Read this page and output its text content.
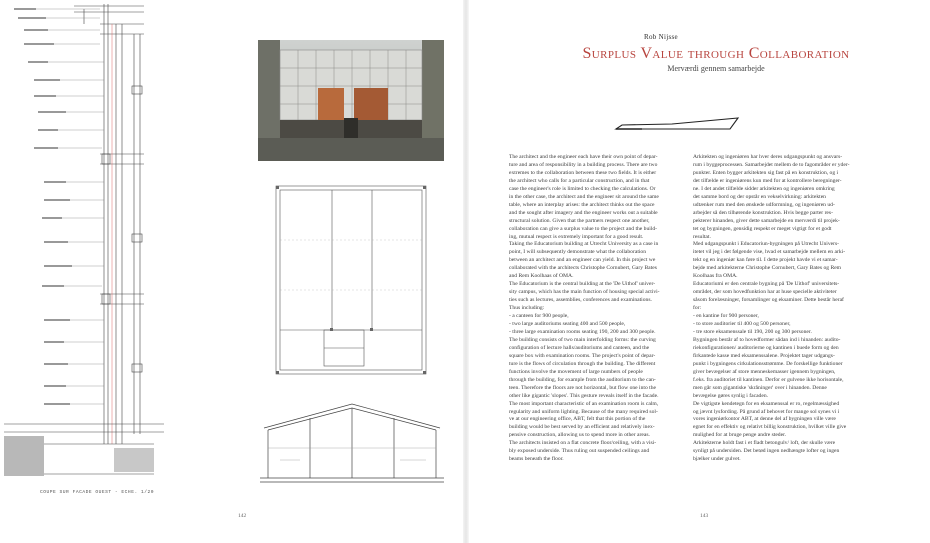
COUPE SUR FACADE OUEST - ECHE. 1/20
142
Rob Nijsse
Surplus Value through Collaboration
Merværdi gennem samarbejde

The architect and the engineer each have their own point of depar-

ture and area of responsibility in a building process. There are two

extremes to the collaboration between these two fields. It is either

the architect who calls for a particular construction, and in that

case the engineer's role is limited to checking the calculations. Or

in the other case, the architect and the engineer sit around the same

table, where an interplay arises: the architect thinks out the space

and the sought after imagery and the engineer works out a suitable

structural solution. Given that the partners respect one another,

collaboration can give a surplus value to the project and the build-

ing, mutual respect is extremely important for a good result.

Taking the Educatorium building at Utrecht University as a case in

point, I will subsequently demonstrate what the collaboration

between an architect and an engineer can yield. In this project we

collaborated with the architects Christophe Cornubert, Gary Bates

and Rem Koolhaas of OMA.

The Educatorium is the central building at the 'De Uithof' univer-

sity campus, which has the main function of housing special activi-

ties such as lectures, assemblies, conferences and examinations.

Thus including:

- a canteen for 900 people,

- two large auditoriums seating 400 and 500 people,

- three large examination rooms seating 190, 200 and 300 people.

The building consists of two main interfolding forms: the curving

configuration of lecture halls/auditoriums and canteen, and the

square box with examination rooms. The project's point of depar-

ture is the flows of circulation through the building. The different

functions involve the movement of large numbers of people

through the building, for example from the auditorium to the can-

teen. Therefore the floors are not horizontal, but flow one into the

other like gigantic 'slopes'. This gesture reveals itself in the facade.

The most important characteristic of an examination room is calm,

regularity and uniform lighting. Because of the many required sol-

ve at our engineering office, ABT, felt that this portion of the

building would be best served by an efficient and relatively inex-

pensive construction, allowing us to spend more in other areas.

The architects insisted on a flat concrete floor/ceiling, with a visi-

bly exposed underside. Thus ruling out suspended ceilings and

beams beneath the floor.

Arkitekten og ingeniøren har hver deres udgangspunkt og ansvars-

rum i byggeprocessen. Samarbejdet mellem de to fagområder er yder-

punkter. Enten bygger arkitekten sig fast på en konstruktion, og i

det tilfælde er ingeniørens kun med for at kontrollere beregninger-

ne. I det andet tilfælde sidder arkitekten og ingeniøren omkring

det samme bord og der opstår en vekselvirkning: arkitekten

udtænker rum med den ønskede udformning, og ingeniøren ud-

arbejder så den tilhørende konstruktion. Hvis begge parter res-

pekterer hinanden, giver dette samarbejde en merværdi til projek-

tet og bygningen, gensidig respekt er meget vigtigt for et godt

resultat.

Med udgangspunkt i Educatoriun-bygningen på Utrecht Univers-

itetet vil jeg i det følgende vise, hvad et samarbejde mellem en arki-

tekt og en ingeniør kan føre til. I dette projekt havde vi et samar-

bejde med arkitekterne Christophe Cornubert, Gary Bates og Rem

Koolhaas fra OMA.

Educatoriumi er den centrale bygning på 'De Uithof' universitets-

området, der som hovedfunktion har at huse specielle aktiviteter

såsom forelæsninger, forsamlinger og eksaminer. Dette består heraf

for:

- en kantine for 900 personer,

- to store auditorier til 400 og 500 personer,

- tre store eksamenssale til 190, 200 og 300 personer.

Bygningen består af to hovedformer sådan ind i hinanden: audito-

riekonfigurationen/ auditorierne og kantinen i buede form og den

firkantede kasse med eksamenssalene. Projektet tager udgangs-

punkt i bygningens cirkulationsstrømme. De forskellige funktioner

giver bevægelser af store menneskemasser igennem bygningen,

f.eks. fra auditoriet til kantinen. Derfor er gulvene ikke horisontale,

men går som gigantiske 'skråninger' over i hinanden. Denne

bevægelse gøres synlig i facaden.

De vigtigste kendetegn for en eksamenssal er ro, regelmæssighed

og jævnt lysfording. På grund af behovet for mange sol synes vi i

vores ingeniørkontor ABT, at denne del af bygningen ville være

egnet for en effektiv og relativt billig konstruktion, hvilket ville give

mulighed for at bruge penge andre steder.

Arkitekterne holdt fast i et fladt betongulv/ loft, der skulle være

synligt på undersiden. Det betød ingen nedhængte lofter og ingen

bjælker under gulvet.

143
